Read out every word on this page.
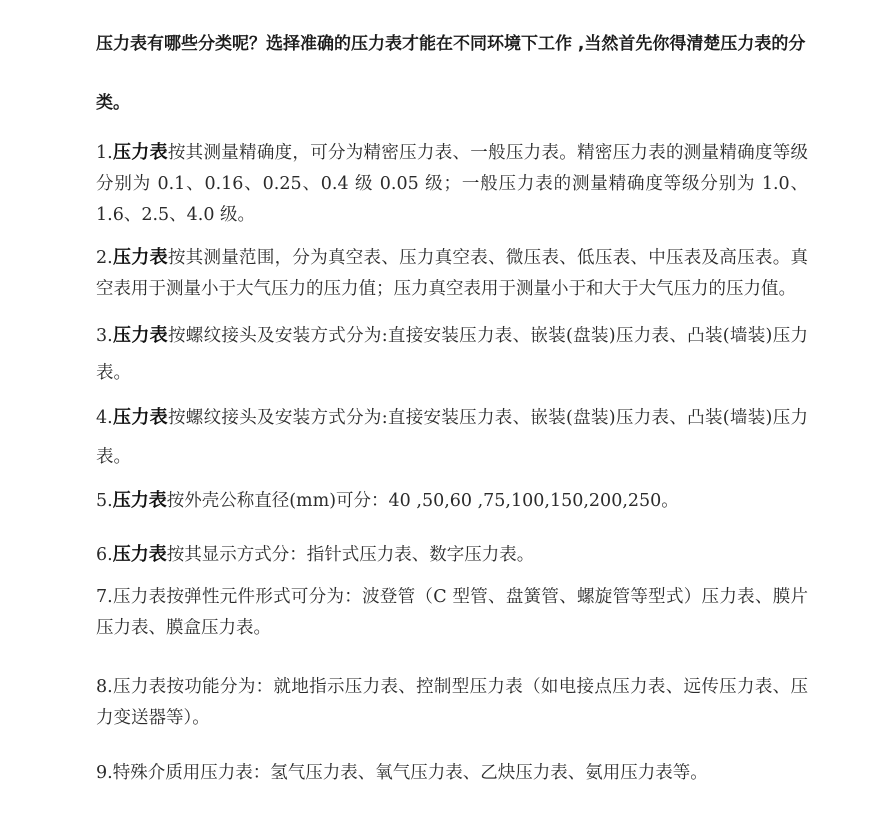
压力表有哪些分类呢？选择准确的压力表才能在不同环境下工作 ,当然首先你得清楚压力表的分类。

1.压力表按其测量精确度，可分为精密压力表、一般压力表。精密压力表的测量精确度等级分别为 0.1、0.16、0.25、0.4 级 0.05 级；一般压力表的测量精确度等级分别为 1.0、1.6、2.5、4.0 级。

2.压力表按其测量范围，分为真空表、压力真空表、微压表、低压表、中压表及高压表。真空表用于测量小于大气压力的压力值；压力真空表用于测量小于和大于大气压力的压力值。

3.压力表按螺纹接头及安装方式分为:直接安装压力表、嵌装(盘装)压力表、凸装(墙装)压力表。

4.压力表按螺纹接头及安装方式分为:直接安装压力表、嵌装(盘装)压力表、凸装(墙装)压力表。

5.压力表按外壳公称直径(mm)可分：40 ,50,60 ,75,100,150,200,250。

6.压力表按其显示方式分：指针式压力表、数字压力表。

7.压力表按弹性元件形式可分为：波登管（C 型管、盘簧管、螺旋管等型式）压力表、膜片压力表、膜盒压力表。

8.压力表按功能分为：就地指示压力表、控制型压力表（如电接点压力表、远传压力表、压力变送器等）。

9.特殊介质用压力表：氢气压力表、氧气压力表、乙炔压力表、氨用压力表等。
